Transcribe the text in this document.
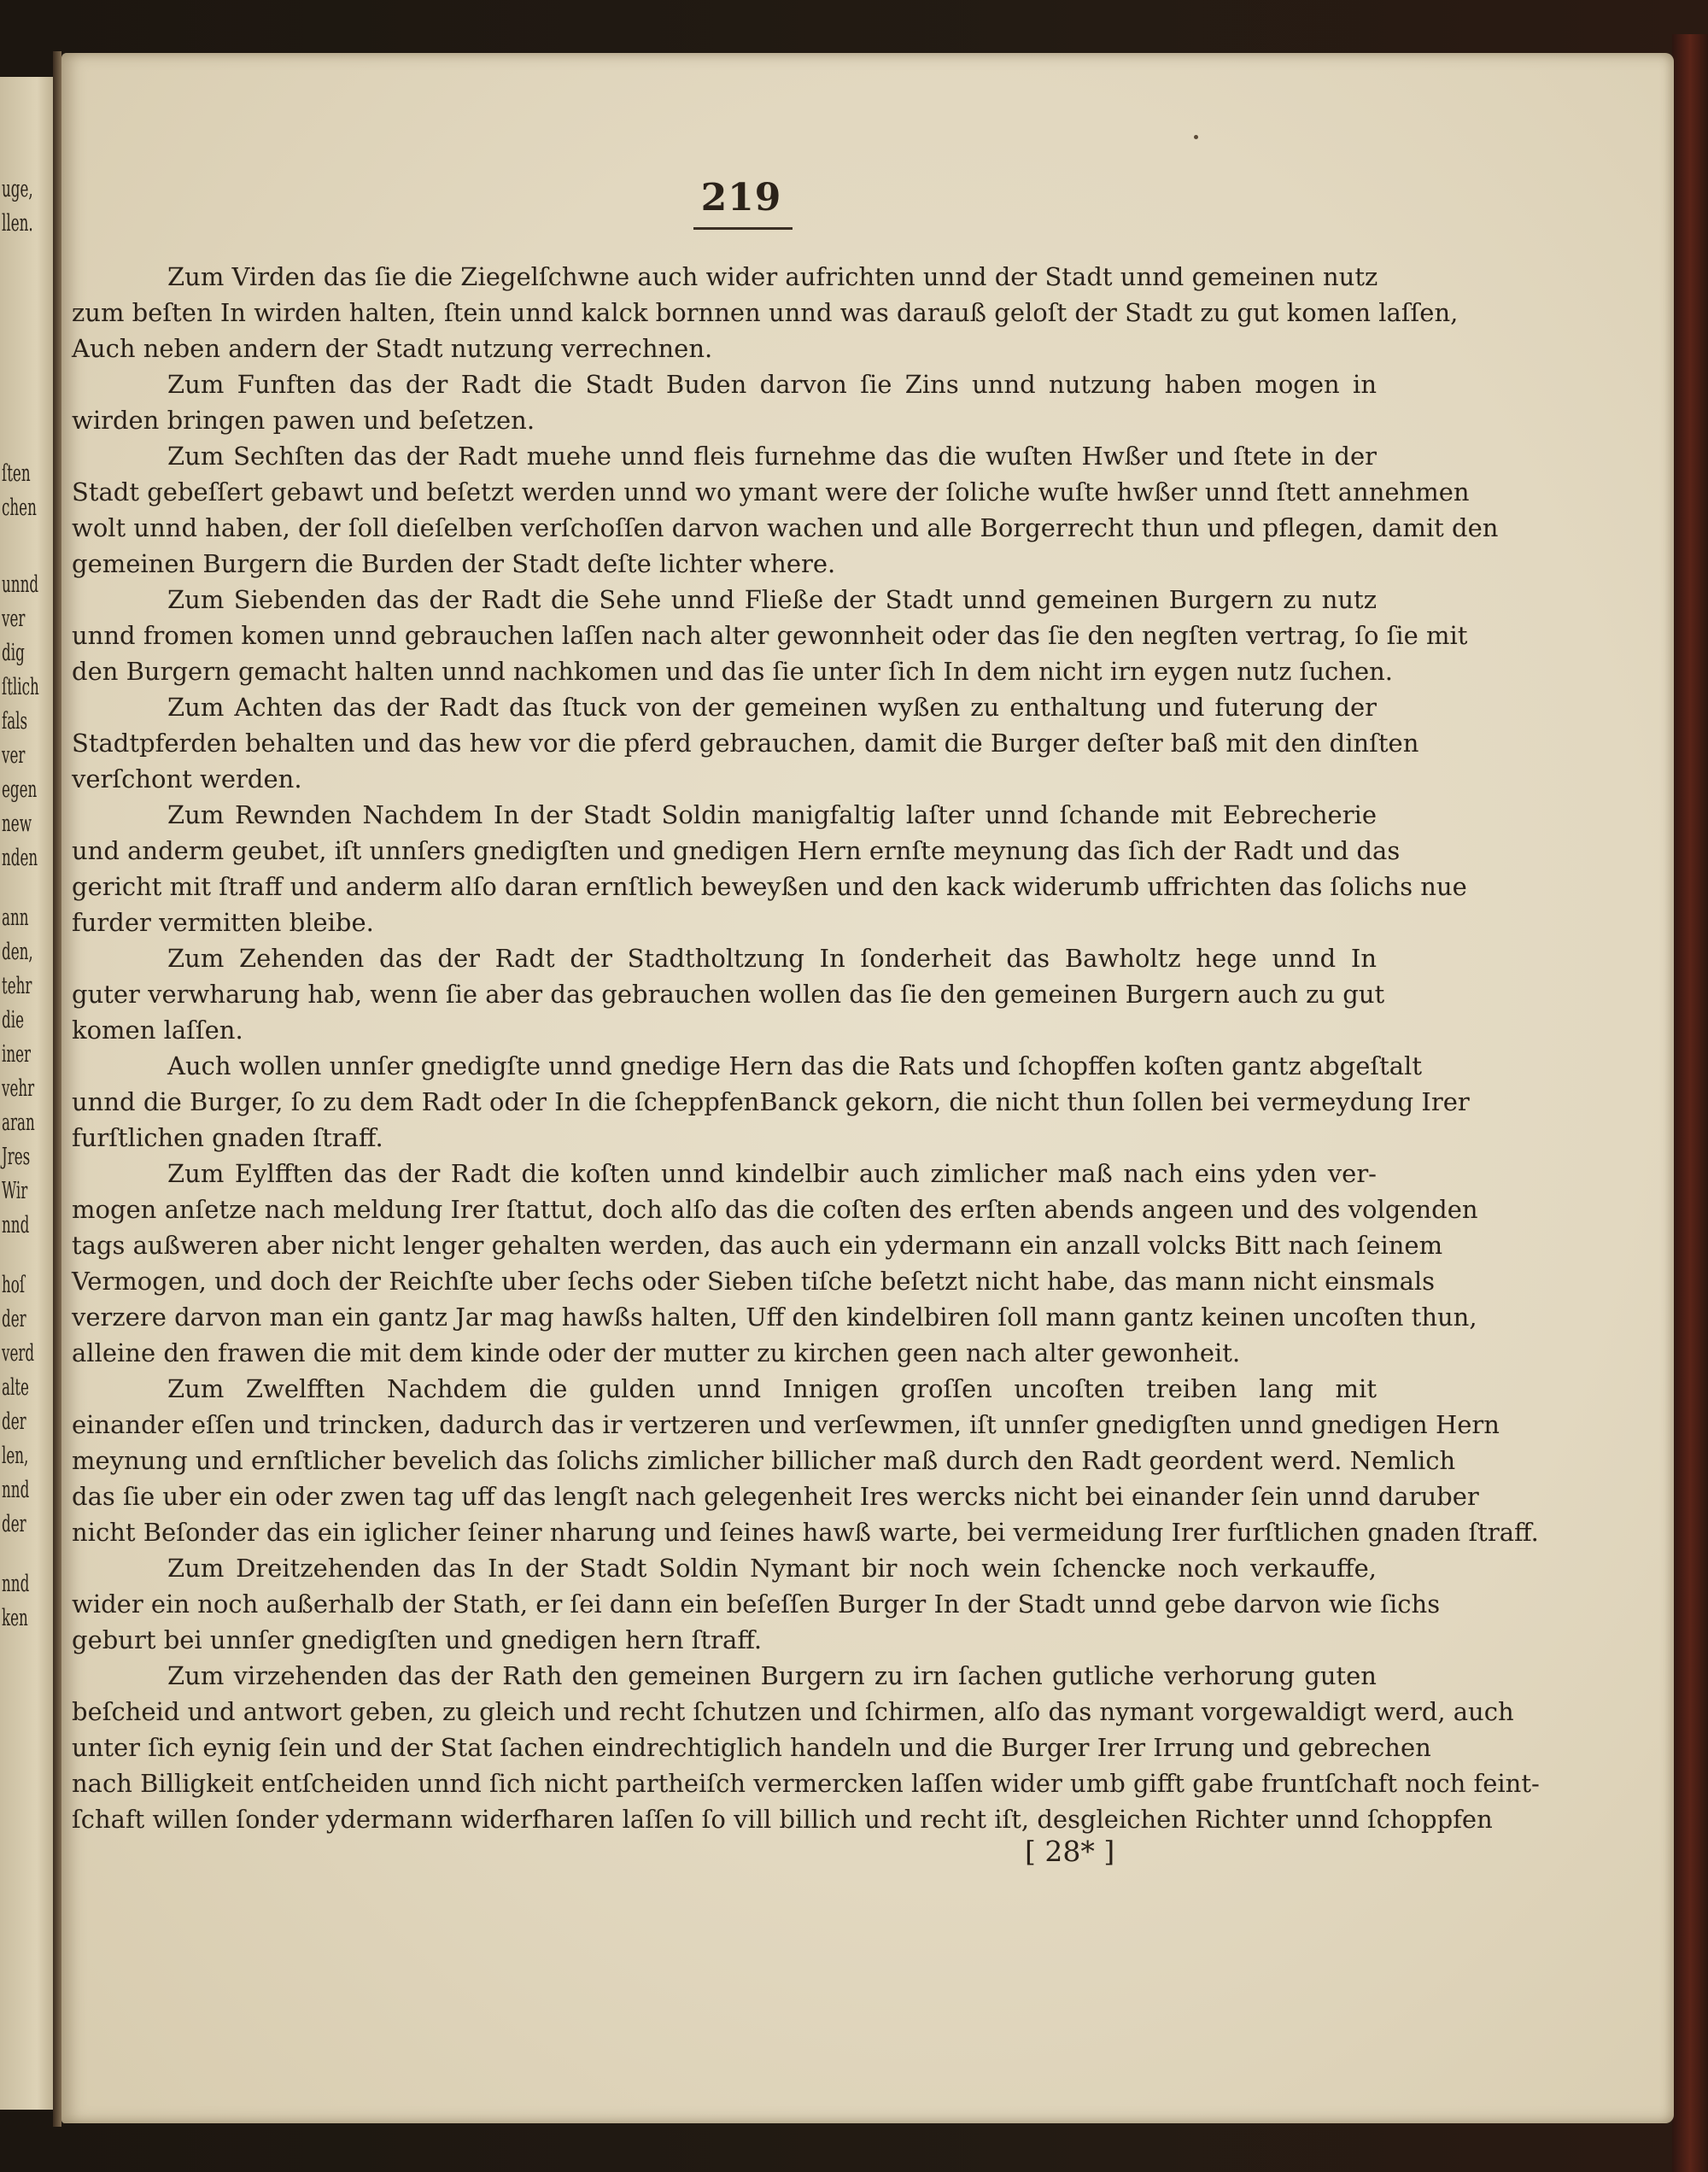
uge,
llen.
ſten
chen
unnd
ver
dig
ſtlich
fals
ver
egen
new
nden
ann
den,
tehr
die
iner
vehr
aran
Jres
Wir
nnd
hoſ
der
verd
alte
der
len,
nnd
der
nnd
ken
219
Zum Virden das ſie die Ziegelſchwne auch wider aufrichten unnd der Stadt unnd gemeinen nutz
zum beſten In wirden halten, ſtein unnd kalck bornnen unnd was darauß geloſt der Stadt zu gut komen laſſen,
Auch neben andern der Stadt nutzung verrechnen.
Zum Funften das der Radt die Stadt Buden darvon ſie Zins unnd nutzung haben mogen in
wirden bringen pawen und beſetzen.
Zum Sechſten das der Radt muehe unnd fleis furnehme das die wuſten Hwßer und ſtete in der
Stadt gebeſſert gebawt und beſetzt werden unnd wo ymant were der ſoliche wuſte hwßer unnd ſtett annehmen
wolt unnd haben, der ſoll dieſelben verſchoſſen darvon wachen und alle Borgerrecht thun und pflegen, damit den
gemeinen Burgern die Burden der Stadt deſte lichter where.
Zum Siebenden das der Radt die Sehe unnd Fließe der Stadt unnd gemeinen Burgern zu nutz
unnd fromen komen unnd gebrauchen laſſen nach alter gewonnheit oder das ſie den negſten vertrag, ſo ſie mit
den Burgern gemacht halten unnd nachkomen und das ſie unter ſich In dem nicht irn eygen nutz ſuchen.
Zum Achten das der Radt das ſtuck von der gemeinen wyßen zu enthaltung und futerung der
Stadtpferden behalten und das hew vor die pferd gebrauchen, damit die Burger deſter baß mit den dinſten
verſchont werden.
Zum Rewnden Nachdem In der Stadt Soldin manigfaltig laſter unnd ſchande mit Eebrecherie
und anderm geubet, iſt unnſers gnedigſten und gnedigen Hern ernſte meynung das ſich der Radt und das
gericht mit ſtraff und anderm alſo daran ernſtlich beweyßen und den kack widerumb uffrichten das ſolichs nue
furder vermitten bleibe.
Zum Zehenden das der Radt der Stadtholtzung In ſonderheit das Bawholtz hege unnd In
guter verwharung hab, wenn ſie aber das gebrauchen wollen das ſie den gemeinen Burgern auch zu gut
komen laſſen.
Auch wollen unnſer gnedigſte unnd gnedige Hern das die Rats und ſchopffen koſten gantz abgeſtalt
unnd die Burger, ſo zu dem Radt oder In die ſcheppfenBanck gekorn, die nicht thun ſollen bei vermeydung Irer
furſtlichen gnaden ſtraff.
Zum Eylfften das der Radt die koſten unnd kindelbir auch zimlicher maß nach eins yden ver-
mogen anſetze nach meldung Irer ſtattut, doch alſo das die coſten des erſten abends angeen und des volgenden
tags außweren aber nicht lenger gehalten werden, das auch ein ydermann ein anzall volcks Bitt nach ſeinem
Vermogen, und doch der Reichſte uber ſechs oder Sieben tiſche beſetzt nicht habe, das mann nicht einsmals
verzere darvon man ein gantz Jar mag hawßs halten, Uff den kindelbiren ſoll mann gantz keinen uncoſten thun,
alleine den frawen die mit dem kinde oder der mutter zu kirchen geen nach alter gewonheit.
Zum Zwelfften Nachdem die gulden unnd Innigen groſſen uncoſten treiben lang mit
einander eſſen und trincken, dadurch das ir vertzeren und verſewmen, iſt unnſer gnedigſten unnd gnedigen Hern
meynung und ernſtlicher bevelich das ſolichs zimlicher billicher maß durch den Radt geordent werd. Nemlich
das ſie uber ein oder zwen tag uff das lengſt nach gelegenheit Ires wercks nicht bei einander ſein unnd daruber
nicht Beſonder das ein iglicher ſeiner nharung und ſeines hawß warte, bei vermeidung Irer furſtlichen gnaden ſtraff.
Zum Dreitzehenden das In der Stadt Soldin Nymant bir noch wein ſchencke noch verkauffe,
wider ein noch außerhalb der Stath, er ſei dann ein beſeſſen Burger In der Stadt unnd gebe darvon wie ſichs
geburt bei unnſer gnedigſten und gnedigen hern ſtraff.
Zum virzehenden das der Rath den gemeinen Burgern zu irn ſachen gutliche verhorung guten
beſcheid und antwort geben, zu gleich und recht ſchutzen und ſchirmen, alſo das nymant vorgewaldigt werd, auch
unter ſich eynig ſein und der Stat ſachen eindrechtiglich handeln und die Burger Irer Irrung und gebrechen
nach Billigkeit entſcheiden unnd ſich nicht partheiſch vermercken laſſen wider umb gifft gabe fruntſchaft noch feint-
ſchaft willen ſonder ydermann widerfharen laſſen ſo vill billich und recht iſt, desgleichen Richter unnd ſchoppfen
[ 28* ]
